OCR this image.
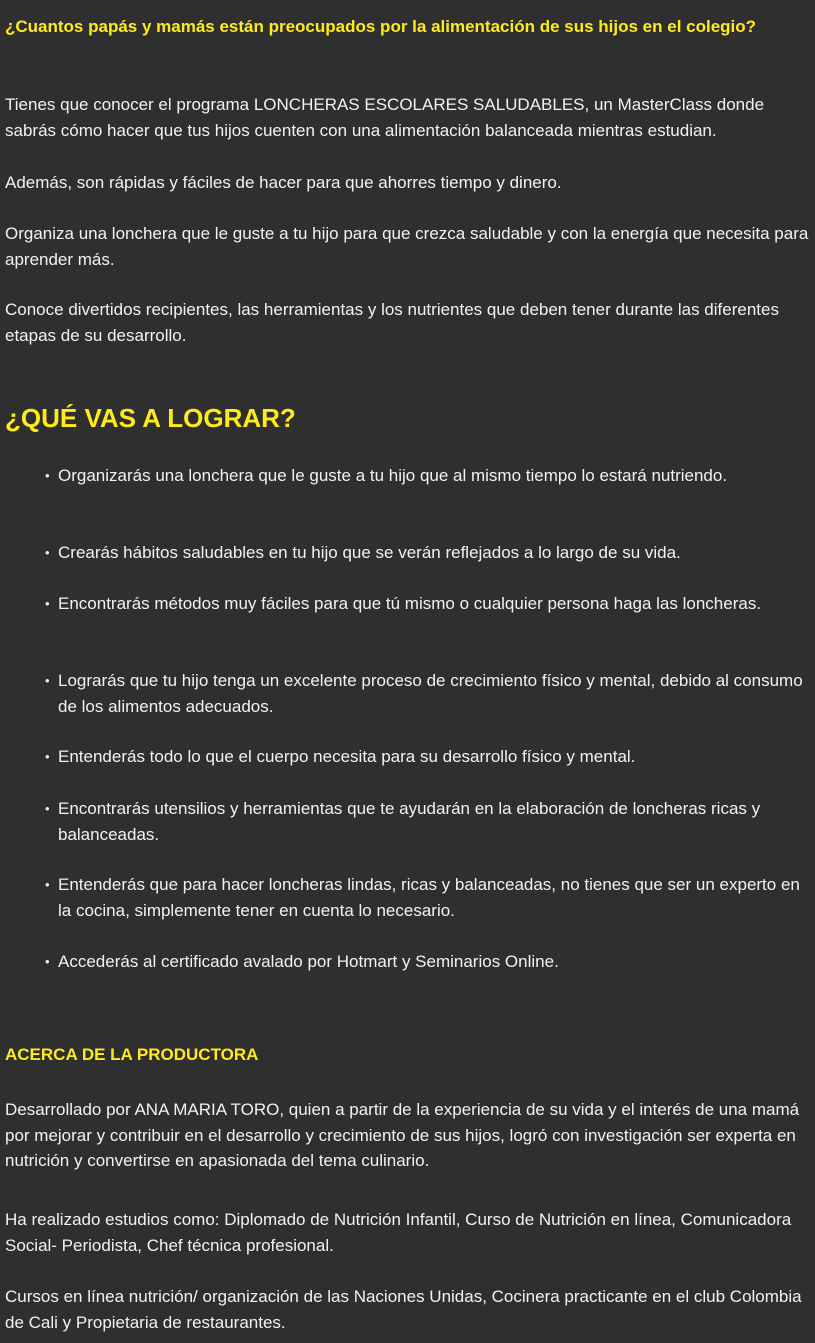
¿Cuantos papás y mamás están preocupados por la alimentación de sus hijos en el colegio?

Tienes que conocer el programa LONCHERAS ESCOLARES SALUDABLES, un MasterClass donde sabrás cómo hacer que tus hijos cuenten con una alimentación balanceada mientras estudian.

Además, son rápidas y fáciles de hacer para que ahorres tiempo y dinero.

Organiza una lonchera que le guste a tu hijo para que crezca saludable y con la energía que necesita para aprender más.

Conoce divertidos recipientes, las herramientas y los nutrientes que deben tener durante las diferentes etapas de su desarrollo.

¿QUÉ VAS A LOGRAR?
• Organizarás una lonchera que le guste a tu hijo que al mismo tiempo lo estará nutriendo.
• Crearás hábitos saludables en tu hijo que se verán reflejados a lo largo de su vida.
• Encontrarás métodos muy fáciles para que tú mismo o cualquier persona haga las loncheras.
• Lograrás que tu hijo tenga un excelente proceso de crecimiento físico y mental, debido al consumo de los alimentos adecuados.
• Entenderás todo lo que el cuerpo necesita para su desarrollo físico y mental.
• Encontrarás utensilios y herramientas que te ayudarán en la elaboración de loncheras ricas y balanceadas.
• Entenderás que para hacer loncheras lindas, ricas y balanceadas, no tienes que ser un experto en la cocina, simplemente tener en cuenta lo necesario.
• Accederás al certificado avalado por Hotmart y Seminarios Online.
ACERCA DE LA PRODUCTORA

Desarrollado por ANA MARIA TORO, quien a partir de la experiencia de su vida y el interés de una mamá por mejorar y contribuir en el desarrollo y crecimiento de sus hijos, logró con investigación ser experta en nutrición y convertirse en apasionada del tema culinario.

Ha realizado estudios como: Diplomado de Nutrición Infantil, Curso de Nutrición en línea, Comunicadora Social- Periodista, Chef técnica profesional.

Cursos en línea nutrición/ organización de las Naciones Unidas, Cocinera practicante en el club Colombia de Cali y Propietaria de restaurantes.
